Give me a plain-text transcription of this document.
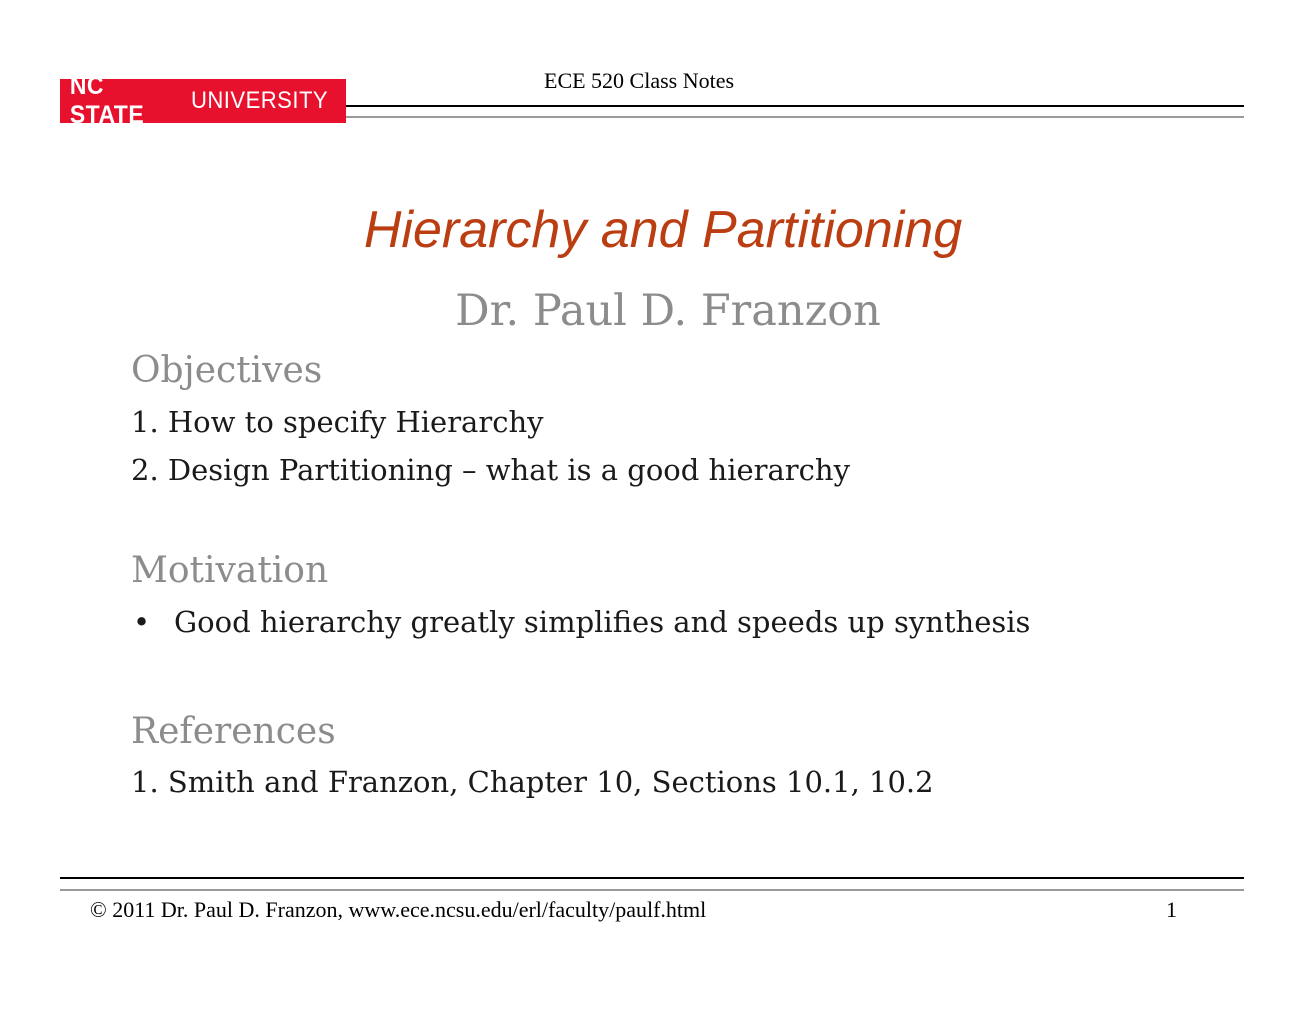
NC STATE
UNIVERSITY
ECE 520 Class Notes
Hierarchy and Partitioning
Dr. Paul D. Franzon
Objectives
1. How to specify Hierarchy
2. Design Partitioning – what is a good hierarchy
Motivation
• Good hierarchy greatly simplifies and speeds up synthesis
References
1. Smith and Franzon, Chapter 10, Sections 10.1, 10.2
© 2011 Dr. Paul D. Franzon, www.ece.ncsu.edu/erl/faculty/paulf.html	1
